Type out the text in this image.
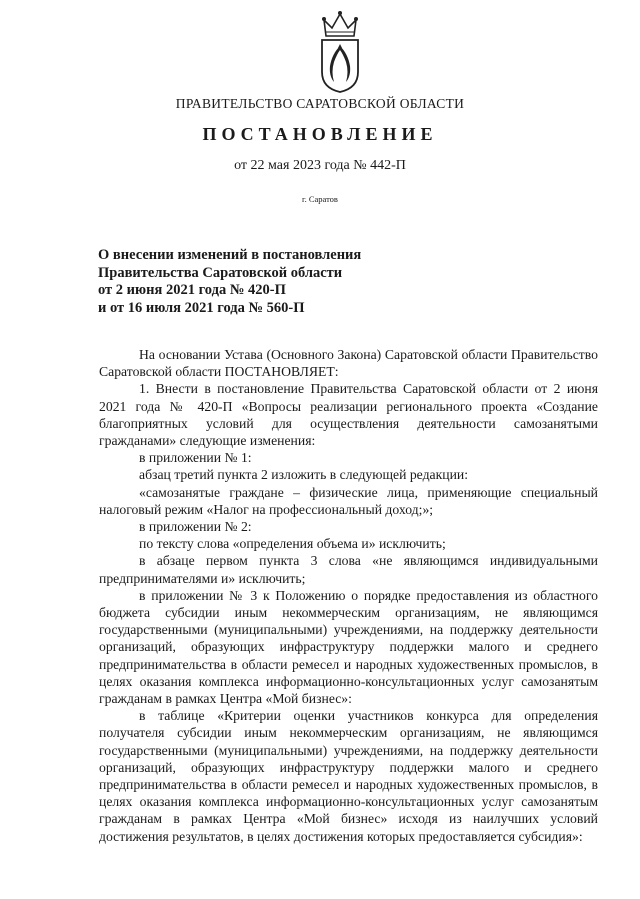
ПРАВИТЕЛЬСТВО САРАТОВСКОЙ ОБЛАСТИ
ПОСТАНОВЛЕНИЕ
от 22 мая 2023 года № 442-П
г. Саратов
О внесении изменений в постановления
Правительства Саратовской области
от 2 июня 2021 года № 420-П
и от 16 июля 2021 года № 560-П

На основании Устава (Основного Закона) Саратовской области Правительство Саратовской области ПОСТАНОВЛЯЕТ:

1. Внести в постановление Правительства Саратовской области от 2 июня 2021 года № 420-П «Вопросы реализации регионального проекта «Создание благоприятных условий для осуществления деятельности самозанятыми гражданами» следующие изменения:

в приложении № 1:

абзац третий пункта 2 изложить в следующей редакции:

«самозанятые граждане – физические лица, применяющие специальный налоговый режим «Налог на профессиональный доход;»;

в приложении № 2:

по тексту слова «определения объема и» исключить;

в абзаце первом пункта 3 слова «не являющимся индивидуальными предпринимателями и» исключить;

в приложении № 3 к Положению о порядке предоставления из областного бюджета субсидии иным некоммерческим организациям, не являющимся государственными (муниципальными) учреждениями, на поддержку деятельности организаций, образующих инфраструктуру поддержки малого и среднего предпринимательства в области ремесел и народных художественных промыслов, в целях оказания комплекса информационно-консультационных услуг самозанятым гражданам в рамках Центра «Мой бизнес»:

в таблице «Критерии оценки участников конкурса для определения получателя субсидии иным некоммерческим организациям, не являющимся государственными (муниципальными) учреждениями, на поддержку деятельности организаций, образующих инфраструктуру поддержки малого и среднего предпринимательства в области ремесел и народных художественных промыслов, в целях оказания комплекса информационно-консультационных услуг самозанятым гражданам в рамках Центра «Мой бизнес» исходя из наилучших условий достижения результатов, в целях достижения которых предоставляется субсидия»:
